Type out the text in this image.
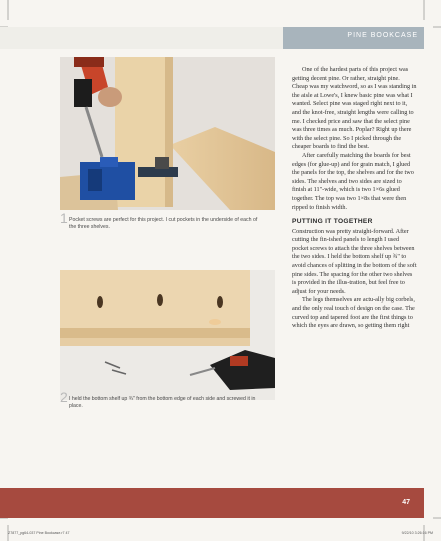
PINE BOOKCASE
1 Pocket screws are perfect for this project. I cut pockets in the underside of each of the three shelves.
2 I held the bottom shelf up ¾" from the bottom edge of each side and screwed it in place.

One of the hardest parts of this project was getting decent pine. Or rather, straight pine. Cheap was my watchword, so as I was standing in the aisle at Lowe's, I knew basic pine was what I wanted. Select pine was staged right next to it, and the knot-free, straight lengths were calling to me. I checked price and saw that the select pine was three times as much. Poplar? Right up there with the select pine. So I picked through the cheaper boards to find the best.

After carefully matching the boards for best edges (for glue-up) and for grain match, I glued the panels for the top, the shelves and for the two sides. The shelves and two sides are sized to finish at 11"-wide, which is two 1×6s glued together. The top was two 1×8s that were then ripped to finish width.

PUTTING IT TOGETHER

Construction was pretty straight-forward. After cutting the fin-ished panels to length I used pocket screws to attach the three shelves between the two sides. I held the bottom shelf up ¾" to avoid chances of splitting in the bottom of the soft pine sides. The spacing for the other two shelves is provided in the illus-tration, but feel free to adjust for your needs.

The legs themselves are actu-ally big corbels, and the only real touch of design on the case. The curved top and tapered foot are the first things to which the eyes are drawn, so getting them right

47
Z7877_pg64-037 Pine Bookcase.r7 47	9/22/10 3:26:16 PM
